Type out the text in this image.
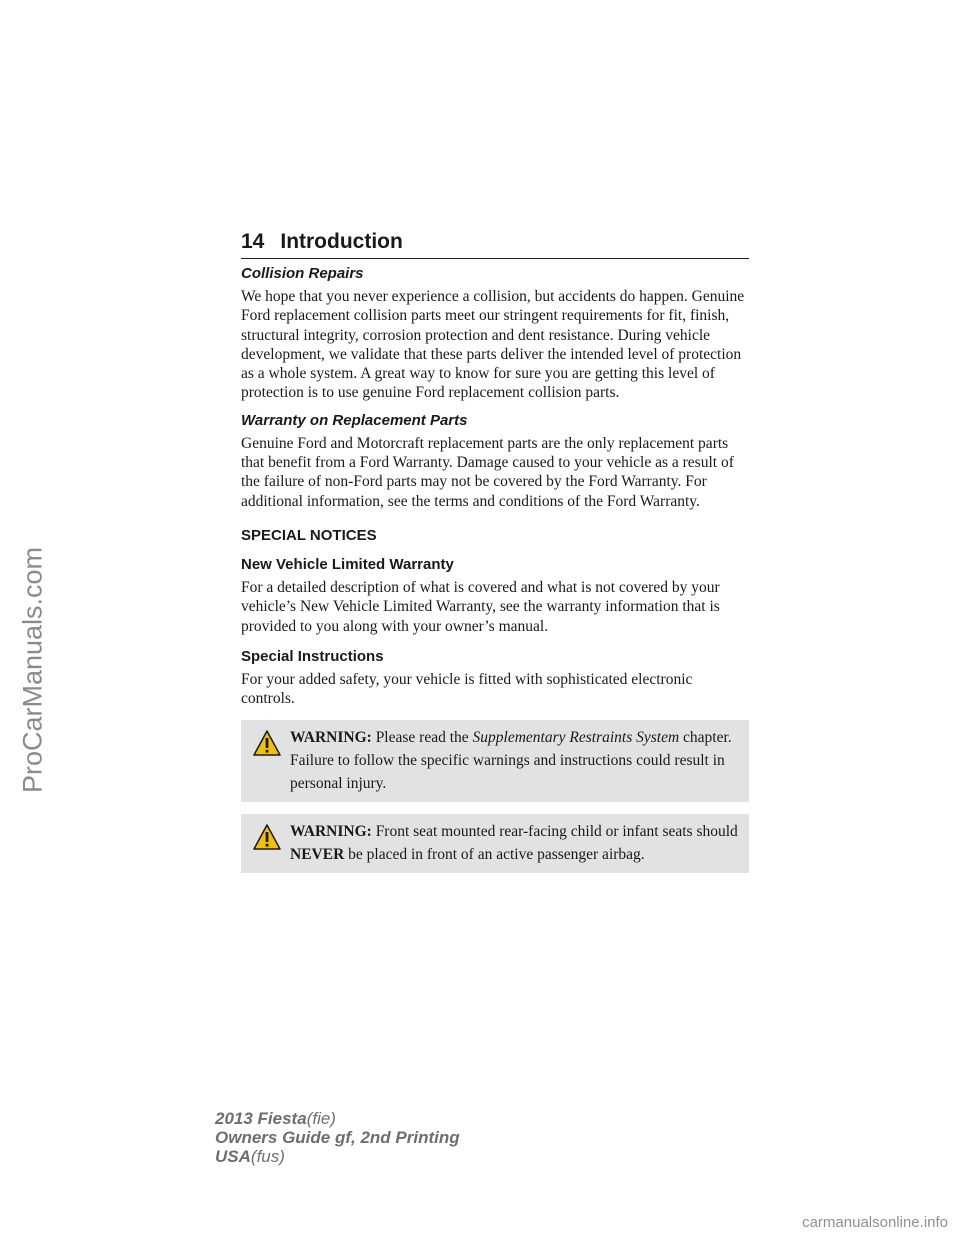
ProCarManuals.com
14 Introduction
Collision Repairs

We hope that you never experience a collision, but accidents do happen. Genuine Ford replacement collision parts meet our stringent requirements for fit, finish, structural integrity, corrosion protection and dent resistance. During vehicle development, we validate that these parts deliver the intended level of protection as a whole system. A great way to know for sure you are getting this level of protection is to use genuine Ford replacement collision parts.

Warranty on Replacement Parts

Genuine Ford and Motorcraft replacement parts are the only replacement parts that benefit from a Ford Warranty. Damage caused to your vehicle as a result of the failure of non-Ford parts may not be covered by the Ford Warranty. For additional information, see the terms and conditions of the Ford Warranty.

SPECIAL NOTICES
New Vehicle Limited Warranty

For a detailed description of what is covered and what is not covered by your vehicle’s New Vehicle Limited Warranty, see the warranty information that is provided to you along with your owner’s manual.

Special Instructions

For your added safety, your vehicle is fitted with sophisticated electronic controls.

WARNING: Please read the Supplementary Restraints System chapter. Failure to follow the specific warnings and instructions could result in personal injury.
WARNING: Front seat mounted rear-facing child or infant seats should NEVER be placed in front of an active passenger airbag.
2013 Fiesta(fie)
Owners Guide gf, 2nd Printing
USA(fus)
carmanualsonline.info
